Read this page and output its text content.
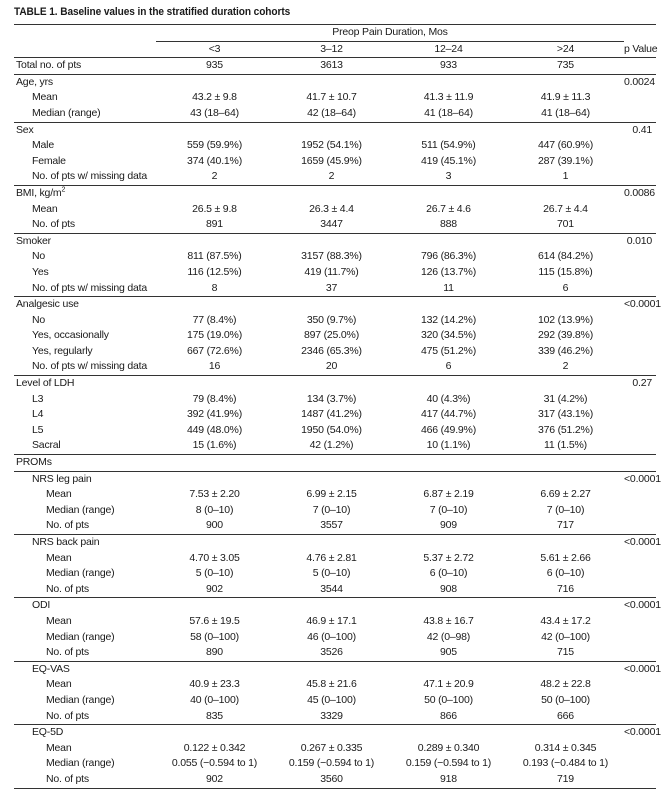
TABLE 1. Baseline values in the stratified duration cohorts
	Preop Pain Duration, Mos				
	<3	3–12	12–24	>24	p Value
Total no. of pts	935	3613	933	735	
Age, yrs					0.0024
Mean	43.2 ± 9.8	41.7 ± 10.7	41.3 ± 11.9	41.9 ± 11.3	
Median (range)	43 (18–64)	42 (18–64)	41 (18–64)	41 (18–64)	
Sex					0.41
Male	559 (59.9%)	1952 (54.1%)	511 (54.9%)	447 (60.9%)	
Female	374 (40.1%)	1659 (45.9%)	419 (45.1%)	287 (39.1%)	
No. of pts w/ missing data	2	2	3	1	
BMI, $kg/m^2$					0.0086
Mean	26.5 ± 9.8	26.3 ± 4.4	26.7 ± 4.6	26.7 ± 4.4	
No. of pts	891	3447	888	701	
Smoker					0.010
No	811 (87.5%)	3157 (88.3%)	796 (86.3%)	614 (84.2%)	
Yes	116 (12.5%)	419 (11.7%)	126 (13.7%)	115 (15.8%)	
No. of pts w/ missing data	8	37	11	6	
Analgesic use					<0.0001
No	77 (8.4%)	350 (9.7%)	132 (14.2%)	102 (13.9%)	
Yes, occasionally	175 (19.0%)	897 (25.0%)	320 (34.5%)	292 (39.8%)	
Yes, regularly	667 (72.6%)	2346 (65.3%)	475 (51.2%)	339 (46.2%)	
No. of pts w/ missing data	16	20	6	2	
Level of LDH					0.27
L3	79 (8.4%)	134 (3.7%)	40 (4.3%)	31 (4.2%)	
L4	392 (41.9%)	1487 (41.2%)	417 (44.7%)	317 (43.1%)	
L5	449 (48.0%)	1950 (54.0%)	466 (49.9%)	376 (51.2%)	
Sacral	15 (1.6%)	42 (1.2%)	10 (1.1%)	11 (1.5%)	
PROMs					
NRS leg pain					<0.0001
Mean	7.53 ± 2.20	6.99 ± 2.15	6.87 ± 2.19	6.69 ± 2.27	
Median (range)	8 (0–10)	7 (0–10)	7 (0–10)	7 (0–10)	
No. of pts	900	3557	909	717	
NRS back pain					<0.0001
Mean	4.70 ± 3.05	4.76 ± 2.81	5.37 ± 2.72	5.61 ± 2.66	
Median (range)	5 (0–10)	5 (0–10)	6 (0–10)	6 (0–10)	
No. of pts	902	3544	908	716	
ODI					<0.0001
Mean	57.6 ± 19.5	46.9 ± 17.1	43.8 ± 16.7	43.4 ± 17.2	
Median (range)	58 (0–100)	46 (0–100)	42 (0–98)	42 (0–100)	
No. of pts	890	3526	905	715	
EQ-VAS					<0.0001
Mean	40.9 ± 23.3	45.8 ± 21.6	47.1 ± 20.9	48.2 ± 22.8	
Median (range)	40 (0–100)	45 (0–100)	50 (0–100)	50 (0–100)	
No. of pts	835	3329	866	666	
EQ-5D					<0.0001
Mean	0.122 ± 0.342	0.267 ± 0.335	0.289 ± 0.340	0.314 ± 0.345	
Median (range)	0.055 (−0.594 to 1)	0.159 (−0.594 to 1)	0.159 (−0.594 to 1)	0.193 (−0.484 to 1)	
No. of pts	902	3560	918	719	
